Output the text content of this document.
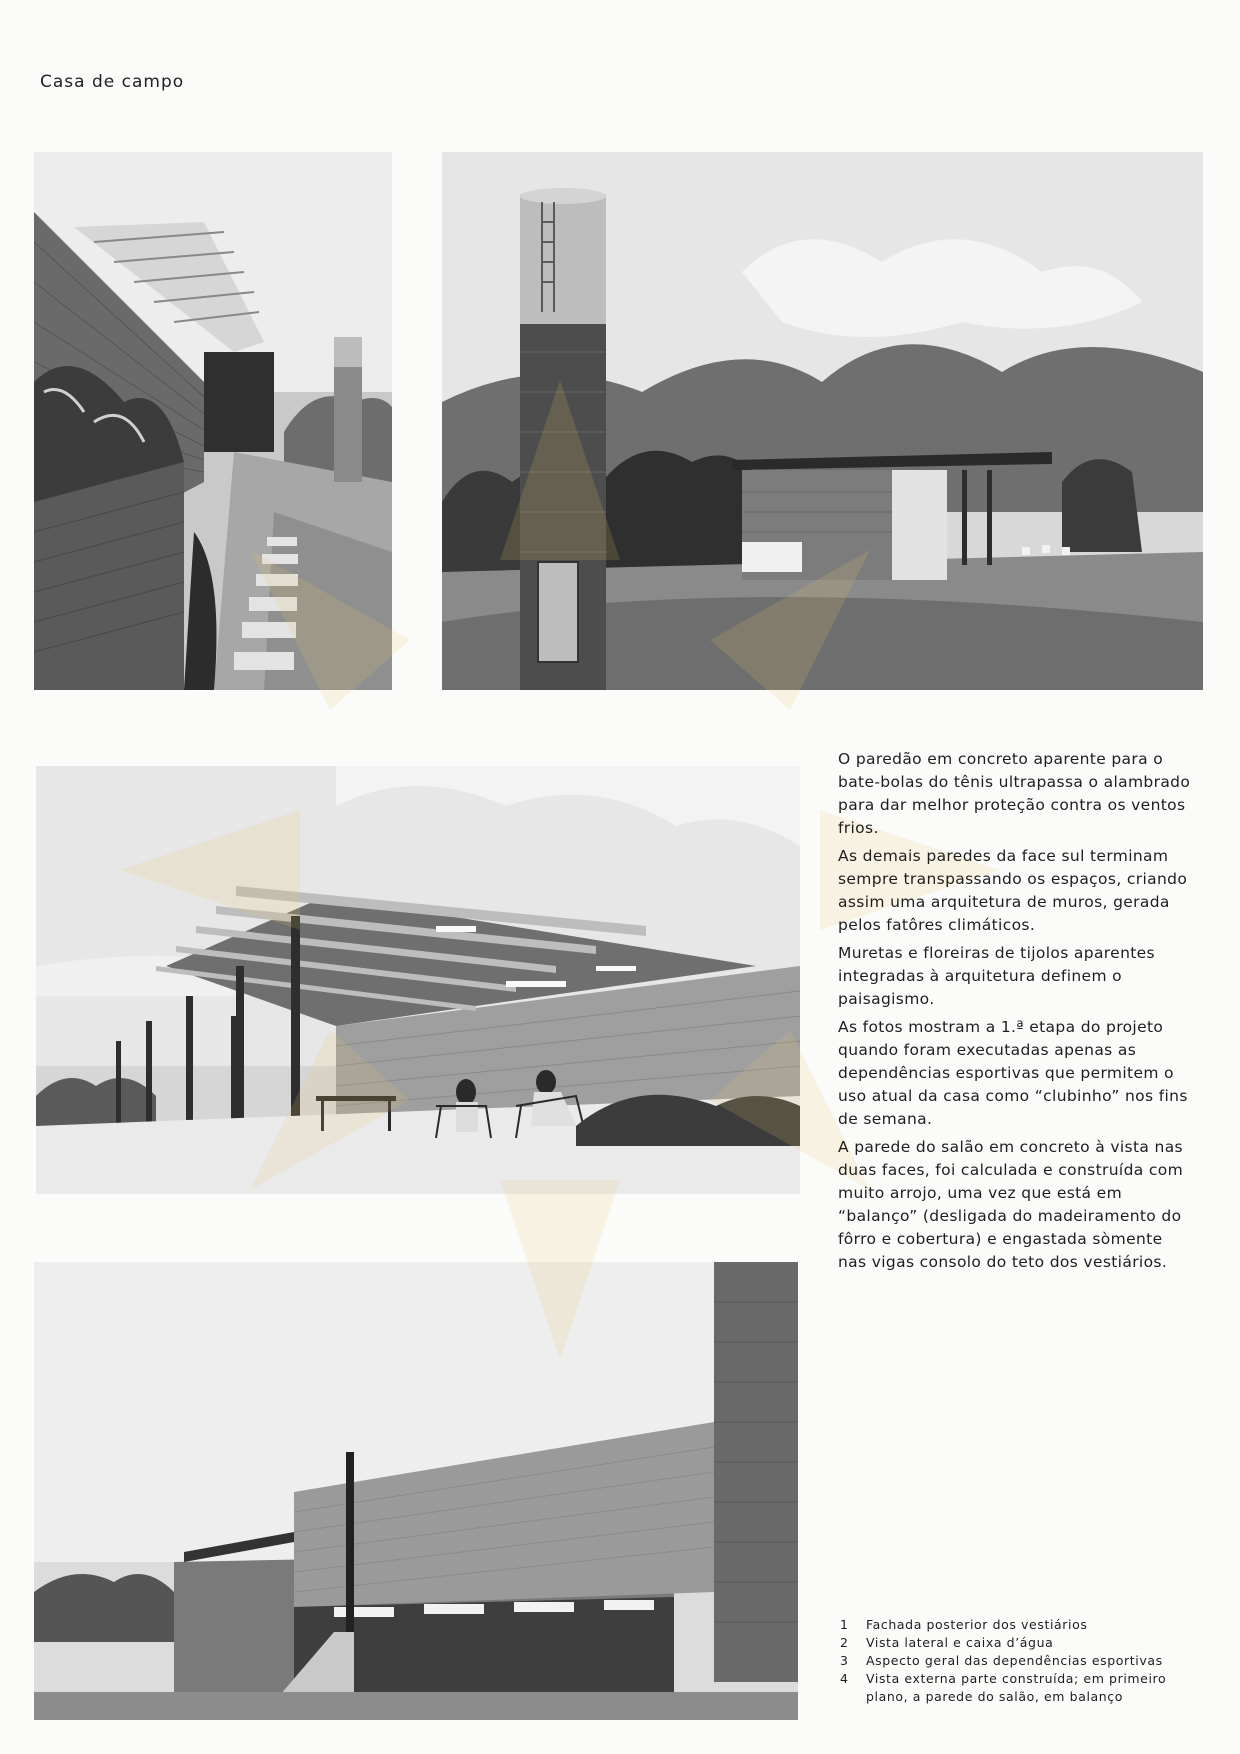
Casa de campo

O paredão em concreto aparente para o bate-bolas do tênis ultrapassa o alambrado para dar melhor proteção contra os ventos frios.

As demais paredes da face sul terminam sempre transpassando os espaços, criando assim uma arquitetura de muros, gerada pelos fatôres climáticos.

Muretas e floreiras de tijolos aparentes integradas à arquitetura definem o paisagismo.

As fotos mostram a 1.ª etapa do projeto quando foram executadas apenas as dependências esportivas que permitem o uso atual da casa como “clubinho” nos fins de semana.

A parede do salão em concreto à vista nas duas faces, foi calculada e construída com muito arrojo, uma vez que está em “balanço” (desligada do madeiramento do fôrro e cobertura) e engastada sòmente nas vigas consolo do teto dos vestiários.

1	Fachada posterior dos vestiários
2	Vista lateral e caixa d’água
3	Aspecto geral das dependências esportivas
4	Vista externa parte construída; em primeiro plano, a parede do salão, em balanço
